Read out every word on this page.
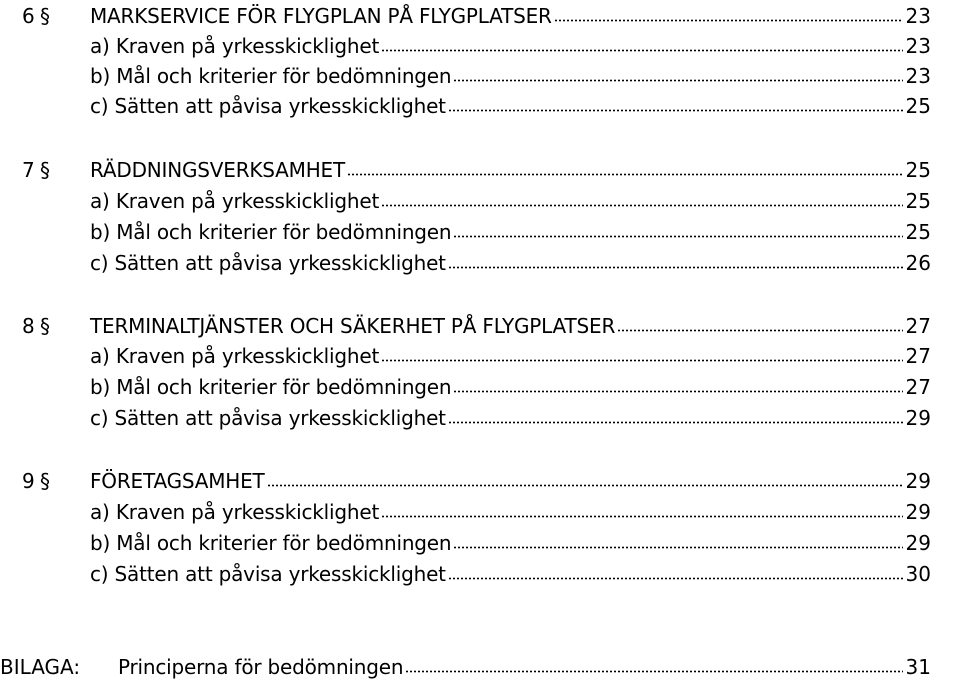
6 §	MARKSERVICE FÖR FLYGPLAN PÅ FLYGPLATSER	23
a) Kraven på yrkesskicklighet	23
b) Mål och kriterier för bedömningen	23
c) Sätten att påvisa yrkesskicklighet	25
7 §	RÄDDNINGSVERKSAMHET	25
a) Kraven på yrkesskicklighet	25
b) Mål och kriterier för bedömningen	25
c) Sätten att påvisa yrkesskicklighet	26
8 §	TERMINALTJÄNSTER OCH SÄKERHET PÅ FLYGPLATSER	27
a) Kraven på yrkesskicklighet	27
b) Mål och kriterier för bedömningen	27
c) Sätten att påvisa yrkesskicklighet	29
9 §	FÖRETAGSAMHET	29
a) Kraven på yrkesskicklighet	29
b) Mål och kriterier för bedömningen	29
c) Sätten att påvisa yrkesskicklighet	30
BILAGA: Principerna för bedömningen	31
